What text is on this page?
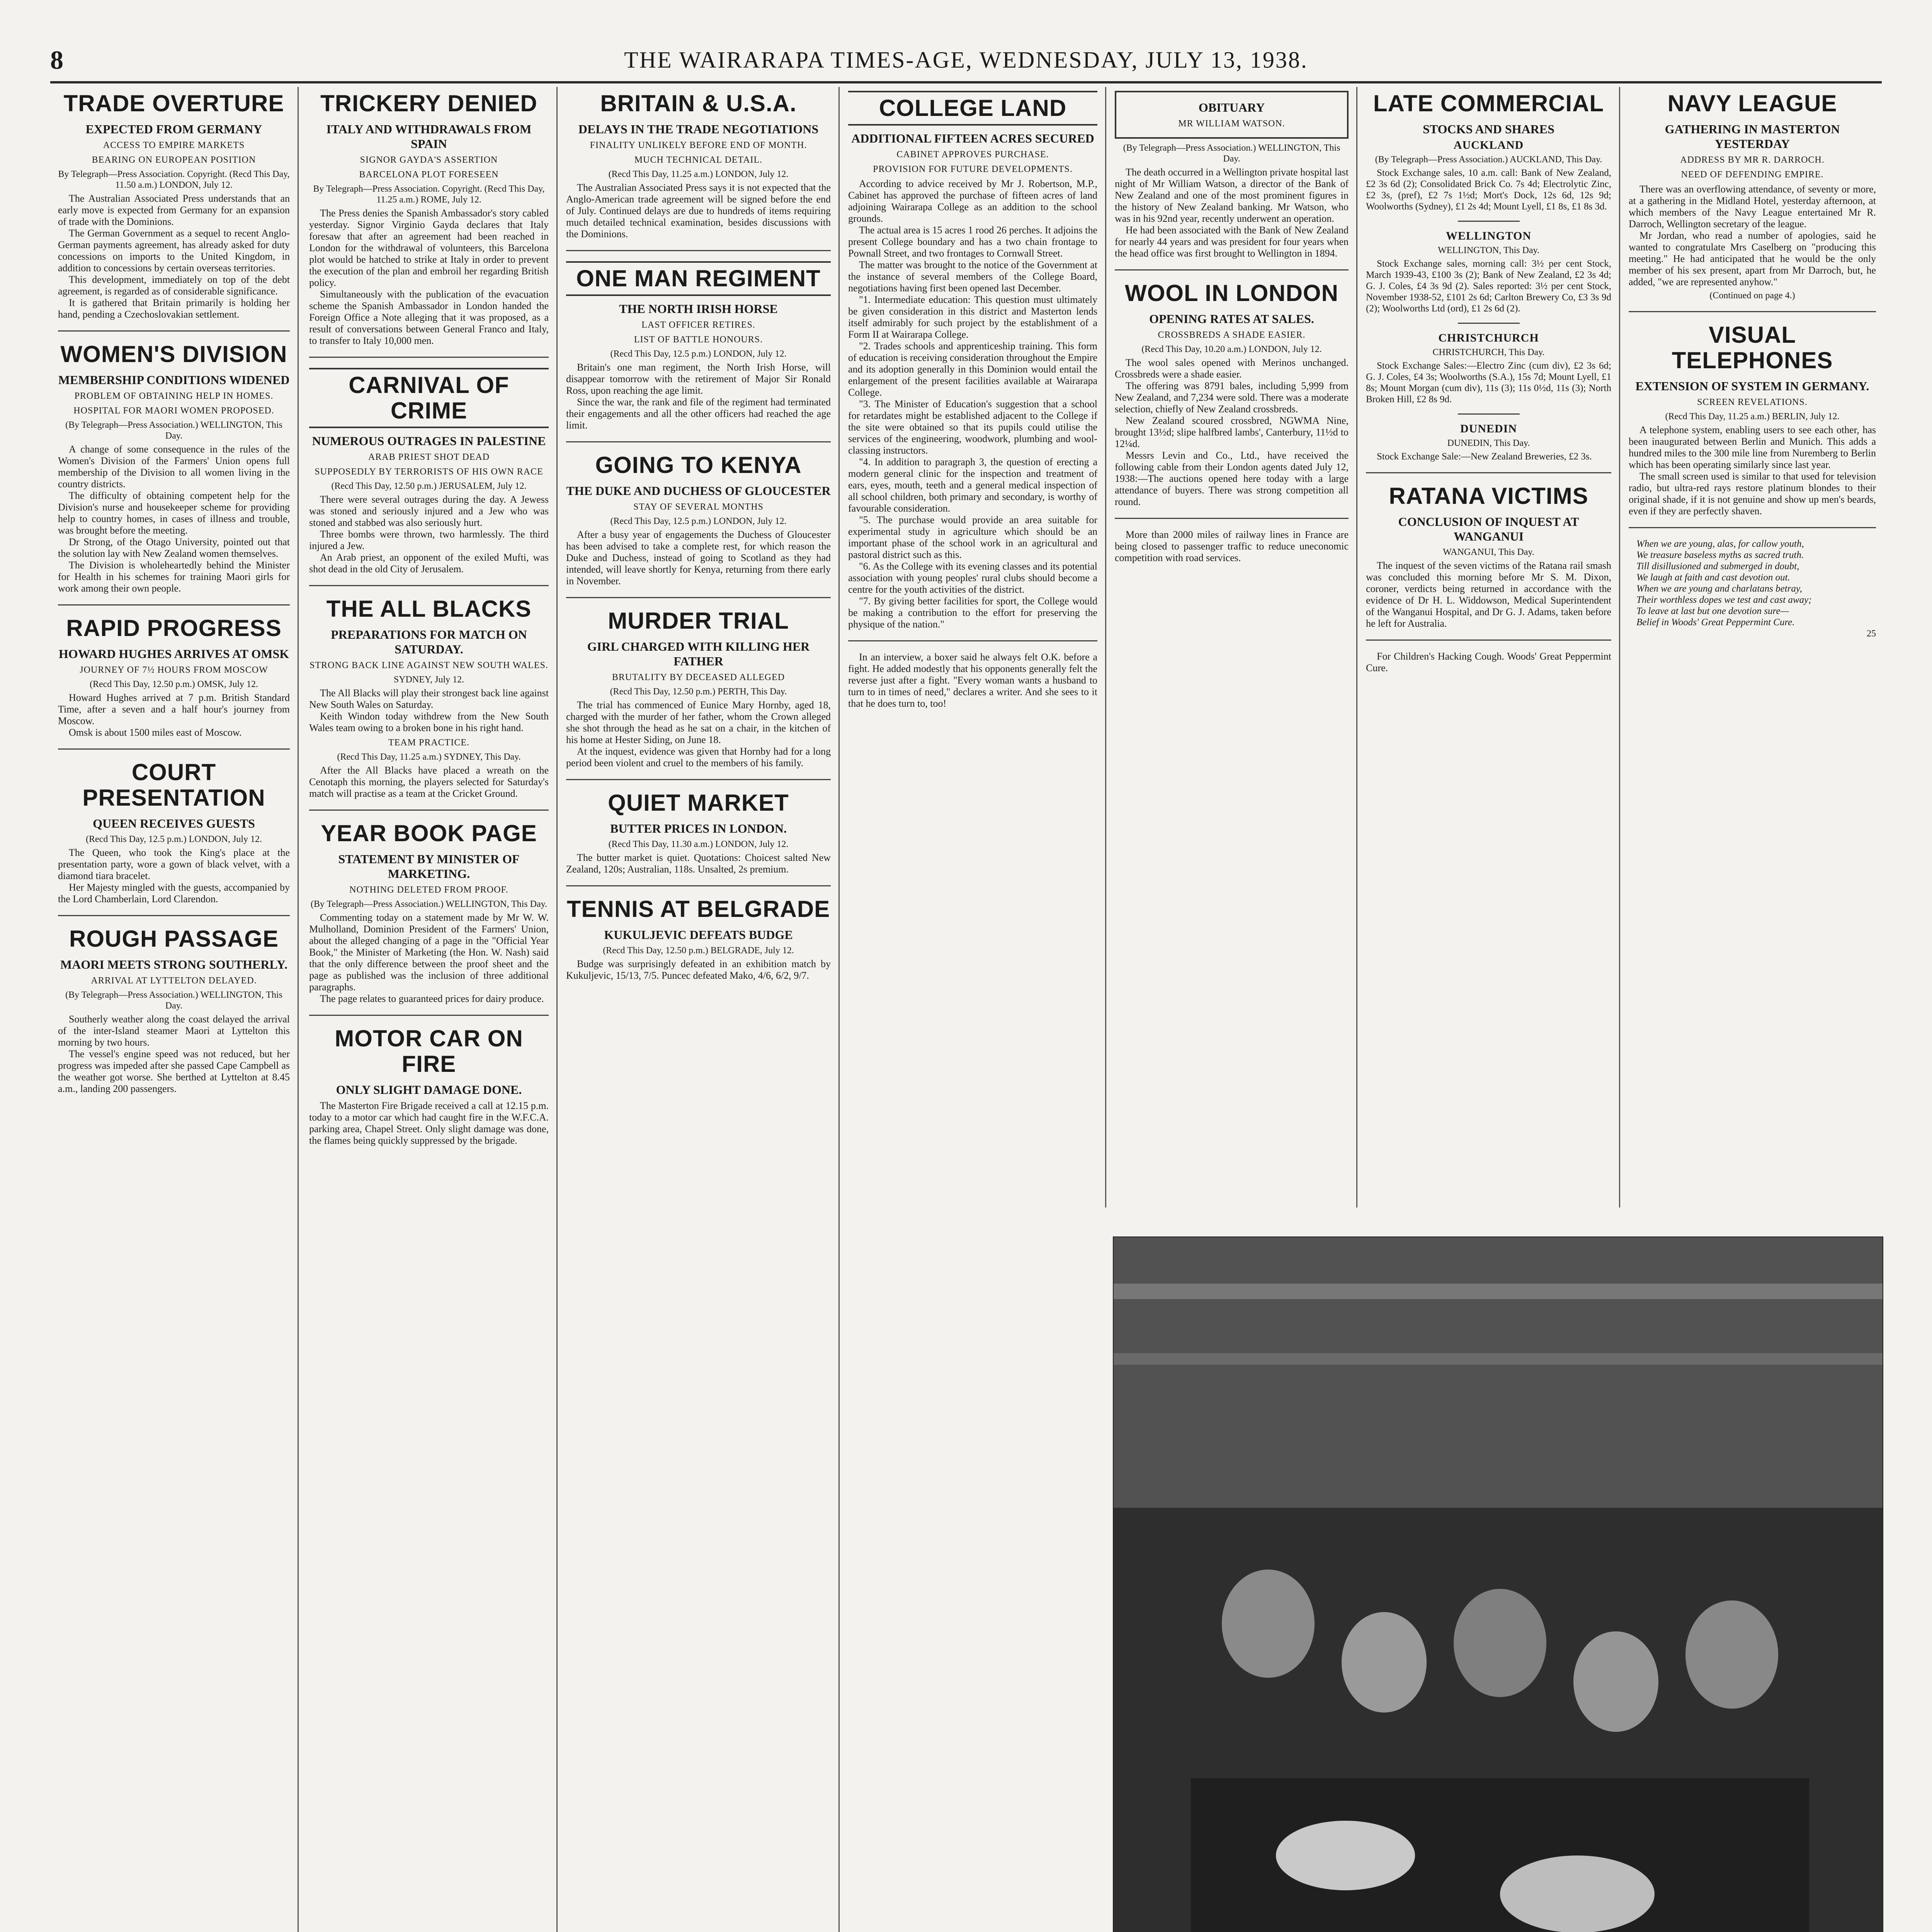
8	THE WAIRARAPA TIMES-AGE, WEDNESDAY, JULY 13, 1938.
TRADE OVERTURE
EXPECTED FROM GERMANY
ACCESS TO EMPIRE MARKETS
BEARING ON EUROPEAN POSITION
By Telegraph—Press Association. Copyright. (Recd This Day, 11.50 a.m.) LONDON, July 12.

The Australian Associated Press understands that an early move is expected from Germany for an expansion of trade with the Dominions.

The German Government as a sequel to recent Anglo-German payments agreement, has already asked for duty concessions on imports to the United Kingdom, in addition to concessions by certain overseas territories.

This development, immediately on top of the debt agreement, is regarded as of considerable significance.

It is gathered that Britain primarily is holding her hand, pending a Czechoslovakian settlement.

WOMEN'S DIVISION
MEMBERSHIP CONDITIONS WIDENED
PROBLEM OF OBTAINING HELP IN HOMES.
HOSPITAL FOR MAORI WOMEN PROPOSED.
(By Telegraph—Press Association.) WELLINGTON, This Day.

A change of some consequence in the rules of the Women's Division of the Farmers' Union opens full membership of the Division to all women living in the country districts.

The difficulty of obtaining competent help for the Division's nurse and housekeeper scheme for providing help to country homes, in cases of illness and trouble, was brought before the meeting.

Dr Strong, of the Otago University, pointed out that the solution lay with New Zealand women themselves.

The Division is wholeheartedly behind the Minister for Health in his schemes for training Maori girls for work among their own people.

RAPID PROGRESS
HOWARD HUGHES ARRIVES AT OMSK
JOURNEY OF 7½ HOURS FROM MOSCOW
(Recd This Day, 12.50 p.m.) OMSK, July 12.

Howard Hughes arrived at 7 p.m. British Standard Time, after a seven and a half hour's journey from Moscow.

Omsk is about 1500 miles east of Moscow.

COURT PRESENTATION
QUEEN RECEIVES GUESTS
(Recd This Day, 12.5 p.m.) LONDON, July 12.

The Queen, who took the King's place at the presentation party, wore a gown of black velvet, with a diamond tiara bracelet.

Her Majesty mingled with the guests, accompanied by the Lord Chamberlain, Lord Clarendon.

ROUGH PASSAGE
MAORI MEETS STRONG SOUTHERLY.
ARRIVAL AT LYTTELTON DELAYED.
(By Telegraph—Press Association.) WELLINGTON, This Day.

Southerly weather along the coast delayed the arrival of the inter-Island steamer Maori at Lyttelton this morning by two hours.

The vessel's engine speed was not reduced, but her progress was impeded after she passed Cape Campbell as the weather got worse. She berthed at Lyttelton at 8.45 a.m., landing 200 passengers.

TRICKERY DENIED
ITALY AND WITHDRAWALS FROM SPAIN
SIGNOR GAYDA'S ASSERTION
BARCELONA PLOT FORESEEN
By Telegraph—Press Association. Copyright. (Recd This Day, 11.25 a.m.) ROME, July 12.

The Press denies the Spanish Ambassador's story cabled yesterday. Signor Virginio Gayda declares that Italy foresaw that after an agreement had been reached in London for the withdrawal of volunteers, this Barcelona plot would be hatched to strike at Italy in order to prevent the execution of the plan and embroil her regarding British policy.

Simultaneously with the publication of the evacuation scheme the Spanish Ambassador in London handed the Foreign Office a Note alleging that it was proposed, as a result of conversations between General Franco and Italy, to transfer to Italy 10,000 men.

CARNIVAL OF CRIME
NUMEROUS OUTRAGES IN PALESTINE
ARAB PRIEST SHOT DEAD
SUPPOSEDLY BY TERRORISTS OF HIS OWN RACE
(Recd This Day, 12.50 p.m.) JERUSALEM, July 12.

There were several outrages during the day. A Jewess was stoned and seriously injured and a Jew who was stoned and stabbed was also seriously hurt.

Three bombs were thrown, two harmlessly. The third injured a Jew.

An Arab priest, an opponent of the exiled Mufti, was shot dead in the old City of Jerusalem.

THE ALL BLACKS
PREPARATIONS FOR MATCH ON SATURDAY.
STRONG BACK LINE AGAINST NEW SOUTH WALES.
SYDNEY, July 12.

The All Blacks will play their strongest back line against New South Wales on Saturday.

Keith Windon today withdrew from the New South Wales team owing to a broken bone in his right hand.

TEAM PRACTICE.
(Recd This Day, 11.25 a.m.) SYDNEY, This Day.

After the All Blacks have placed a wreath on the Cenotaph this morning, the players selected for Saturday's match will practise as a team at the Cricket Ground.

YEAR BOOK PAGE
STATEMENT BY MINISTER OF MARKETING.
NOTHING DELETED FROM PROOF.
(By Telegraph—Press Association.) WELLINGTON, This Day.

Commenting today on a statement made by Mr W. W. Mulholland, Dominion President of the Farmers' Union, about the alleged changing of a page in the "Official Year Book," the Minister of Marketing (the Hon. W. Nash) said that the only difference between the proof sheet and the page as published was the inclusion of three additional paragraphs.

The page relates to guaranteed prices for dairy produce.

MOTOR CAR ON FIRE
ONLY SLIGHT DAMAGE DONE.

The Masterton Fire Brigade received a call at 12.15 p.m. today to a motor car which had caught fire in the W.F.C.A. parking area, Chapel Street. Only slight damage was done, the flames being quickly suppressed by the brigade.

BRITAIN & U.S.A.
DELAYS IN THE TRADE NEGOTIATIONS
FINALITY UNLIKELY BEFORE END OF MONTH.
MUCH TECHNICAL DETAIL.
(Recd This Day, 11.25 a.m.) LONDON, July 12.

The Australian Associated Press says it is not expected that the Anglo-American trade agreement will be signed before the end of July. Continued delays are due to hundreds of items requiring much detailed technical examination, besides discussions with the Dominions.

ONE MAN REGIMENT
THE NORTH IRISH HORSE
LAST OFFICER RETIRES.
LIST OF BATTLE HONOURS.
(Recd This Day, 12.5 p.m.) LONDON, July 12.

Britain's one man regiment, the North Irish Horse, will disappear tomorrow with the retirement of Major Sir Ronald Ross, upon reaching the age limit.

Since the war, the rank and file of the regiment had terminated their engagements and all the other officers had reached the age limit.

GOING TO KENYA
THE DUKE AND DUCHESS OF GLOUCESTER
STAY OF SEVERAL MONTHS
(Recd This Day, 12.5 p.m.) LONDON, July 12.

After a busy year of engagements the Duchess of Gloucester has been advised to take a complete rest, for which reason the Duke and Duchess, instead of going to Scotland as they had intended, will leave shortly for Kenya, returning from there early in November.

MURDER TRIAL
GIRL CHARGED WITH KILLING HER FATHER
BRUTALITY BY DECEASED ALLEGED
(Recd This Day, 12.50 p.m.) PERTH, This Day.

The trial has commenced of Eunice Mary Hornby, aged 18, charged with the murder of her father, whom the Crown alleged she shot through the head as he sat on a chair, in the kitchen of his home at Hester Siding, on June 18.

At the inquest, evidence was given that Hornby had for a long period been violent and cruel to the members of his family.

QUIET MARKET
BUTTER PRICES IN LONDON.
(Recd This Day, 11.30 a.m.) LONDON, July 12.

The butter market is quiet. Quotations: Choicest salted New Zealand, 120s; Australian, 118s. Unsalted, 2s premium.

TENNIS AT BELGRADE
KUKULJEVIC DEFEATS BUDGE
(Recd This Day, 12.50 p.m.) BELGRADE, July 12.

Budge was surprisingly defeated in an exhibition match by Kukuljevic, 15/13, 7/5. Puncec defeated Mako, 4/6, 6/2, 9/7.

COLLEGE LAND
ADDITIONAL FIFTEEN ACRES SECURED
CABINET APPROVES PURCHASE.
PROVISION FOR FUTURE DEVELOPMENTS.

According to advice received by Mr J. Robertson, M.P., Cabinet has approved the purchase of fifteen acres of land adjoining Wairarapa College as an addition to the school grounds.

The actual area is 15 acres 1 rood 26 perches. It adjoins the present College boundary and has a two chain frontage to Pownall Street, and two frontages to Cornwall Street.

The matter was brought to the notice of the Government at the instance of several members of the College Board, negotiations having first been opened last December.

"1. Intermediate education: This question must ultimately be given consideration in this district and Masterton lends itself admirably for such project by the establishment of a Form II at Wairarapa College.

"2. Trades schools and apprenticeship training. This form of education is receiving consideration throughout the Empire and its adoption generally in this Dominion would entail the enlargement of the present facilities available at Wairarapa College.

"3. The Minister of Education's suggestion that a school for retardates might be established adjacent to the College if the site were obtained so that its pupils could utilise the services of the engineering, woodwork, plumbing and wool-classing instructors.

"4. In addition to paragraph 3, the question of erecting a modern general clinic for the inspection and treatment of ears, eyes, mouth, teeth and a general medical inspection of all school children, both primary and secondary, is worthy of favourable consideration.

"5. The purchase would provide an area suitable for experimental study in agriculture which should be an important phase of the school work in an agricultural and pastoral district such as this.

"6. As the College with its evening classes and its potential association with young peoples' rural clubs should become a centre for the youth activities of the district.

"7. By giving better facilities for sport, the College would be making a contribution to the effort for preserving the physique of the nation."

In an interview, a boxer said he always felt O.K. before a fight. He added modestly that his opponents generally felt the reverse just after a fight. "Every woman wants a husband to turn to in times of need," declares a writer. And she sees to it that he does turn to, too!

OBITUARY
MR WILLIAM WATSON.
(By Telegraph—Press Association.) WELLINGTON, This Day.

The death occurred in a Wellington private hospital last night of Mr William Watson, a director of the Bank of New Zealand and one of the most prominent figures in the history of New Zealand banking. Mr Watson, who was in his 92nd year, recently underwent an operation.

He had been associated with the Bank of New Zealand for nearly 44 years and was president for four years when the head office was first brought to Wellington in 1894.

WOOL IN LONDON
OPENING RATES AT SALES.
CROSSBREDS A SHADE EASIER.
(Recd This Day, 10.20 a.m.) LONDON, July 12.

The wool sales opened with Merinos unchanged. Crossbreds were a shade easier.

The offering was 8791 bales, including 5,999 from New Zealand, and 7,234 were sold. There was a moderate selection, chiefly of New Zealand crossbreds.

New Zealand scoured crossbred, NGWMA Nine, brought 13½d; slipe halfbred lambs', Canterbury, 11½d to 12¼d.

Messrs Levin and Co., Ltd., have received the following cable from their London agents dated July 12, 1938:—The auctions opened here today with a large attendance of buyers. There was strong competition all round.

More than 2000 miles of railway lines in France are being closed to passenger traffic to reduce uneconomic competition with road services.

LATE COMMERCIAL
STOCKS AND SHARES
AUCKLAND
(By Telegraph—Press Association.) AUCKLAND, This Day.

Stock Exchange sales, 10 a.m. call: Bank of New Zealand, £2 3s 6d (2); Consolidated Brick Co. 7s 4d; Electrolytic Zinc, £2 3s, (pref), £2 7s 1½d; Mort's Dock, 12s 6d, 12s 9d; Woolworths (Sydney), £1 2s 4d; Mount Lyell, £1 8s, £1 8s 3d.

WELLINGTON
WELLINGTON, This Day.

Stock Exchange sales, morning call: 3½ per cent Stock, March 1939-43, £100 3s (2); Bank of New Zealand, £2 3s 4d; G. J. Coles, £4 3s 9d (2). Sales reported: 3½ per cent Stock, November 1938-52, £101 2s 6d; Carlton Brewery Co, £3 3s 9d (2); Woolworths Ltd (ord), £1 2s 6d (2).

CHRISTCHURCH
CHRISTCHURCH, This Day.

Stock Exchange Sales:—Electro Zinc (cum div), £2 3s 6d; G. J. Coles, £4 3s; Woolworths (S.A.), 15s 7d; Mount Lyell, £1 8s; Mount Morgan (cum div), 11s (3); 11s 0½d, 11s (3); North Broken Hill, £2 8s 9d.

DUNEDIN
DUNEDIN, This Day.

Stock Exchange Sale:—New Zealand Breweries, £2 3s.

RATANA VICTIMS
CONCLUSION OF INQUEST AT WANGANUI
WANGANUI, This Day.

The inquest of the seven victims of the Ratana rail smash was concluded this morning before Mr S. M. Dixon, coroner, verdicts being returned in accordance with the evidence of Dr H. L. Widdowson, Medical Superintendent of the Wanganui Hospital, and Dr G. J. Adams, taken before he left for Australia.

For Children's Hacking Cough. Woods' Great Peppermint Cure.

NAVY LEAGUE
GATHERING IN MASTERTON YESTERDAY
ADDRESS BY MR R. DARROCH.
NEED OF DEFENDING EMPIRE.

There was an overflowing attendance, of seventy or more, at a gathering in the Midland Hotel, yesterday afternoon, at which members of the Navy League entertained Mr R. Darroch, Wellington secretary of the league.

Mr Jordan, who read a number of apologies, said he wanted to congratulate Mrs Caselberg on "producing this meeting." He had anticipated that he would be the only member of his sex present, apart from Mr Darroch, but, he added, "we are represented anyhow."

(Continued on page 4.)
VISUAL TELEPHONES
EXTENSION OF SYSTEM IN GERMANY.
SCREEN REVELATIONS.
(Recd This Day, 11.25 a.m.) BERLIN, July 12.

A telephone system, enabling users to see each other, has been inaugurated between Berlin and Munich. This adds a hundred miles to the 300 mile line from Nuremberg to Berlin which has been operating similarly since last year.

The small screen used is similar to that used for television radio, but ultra-red rays restore platinum blondes to their original shade, if it is not genuine and show up men's beards, even if they are perfectly shaven.

When we are young, alas, for callow youth,
We treasure baseless myths as sacred truth.
Till disillusioned and submerged in doubt,
We laugh at faith and cast devotion out.
When we are young and charlatans betray,
Their worthless dopes we test and cast away;
To leave at last but one devotion sure—
Belief in Woods' Great Peppermint Cure.
25
